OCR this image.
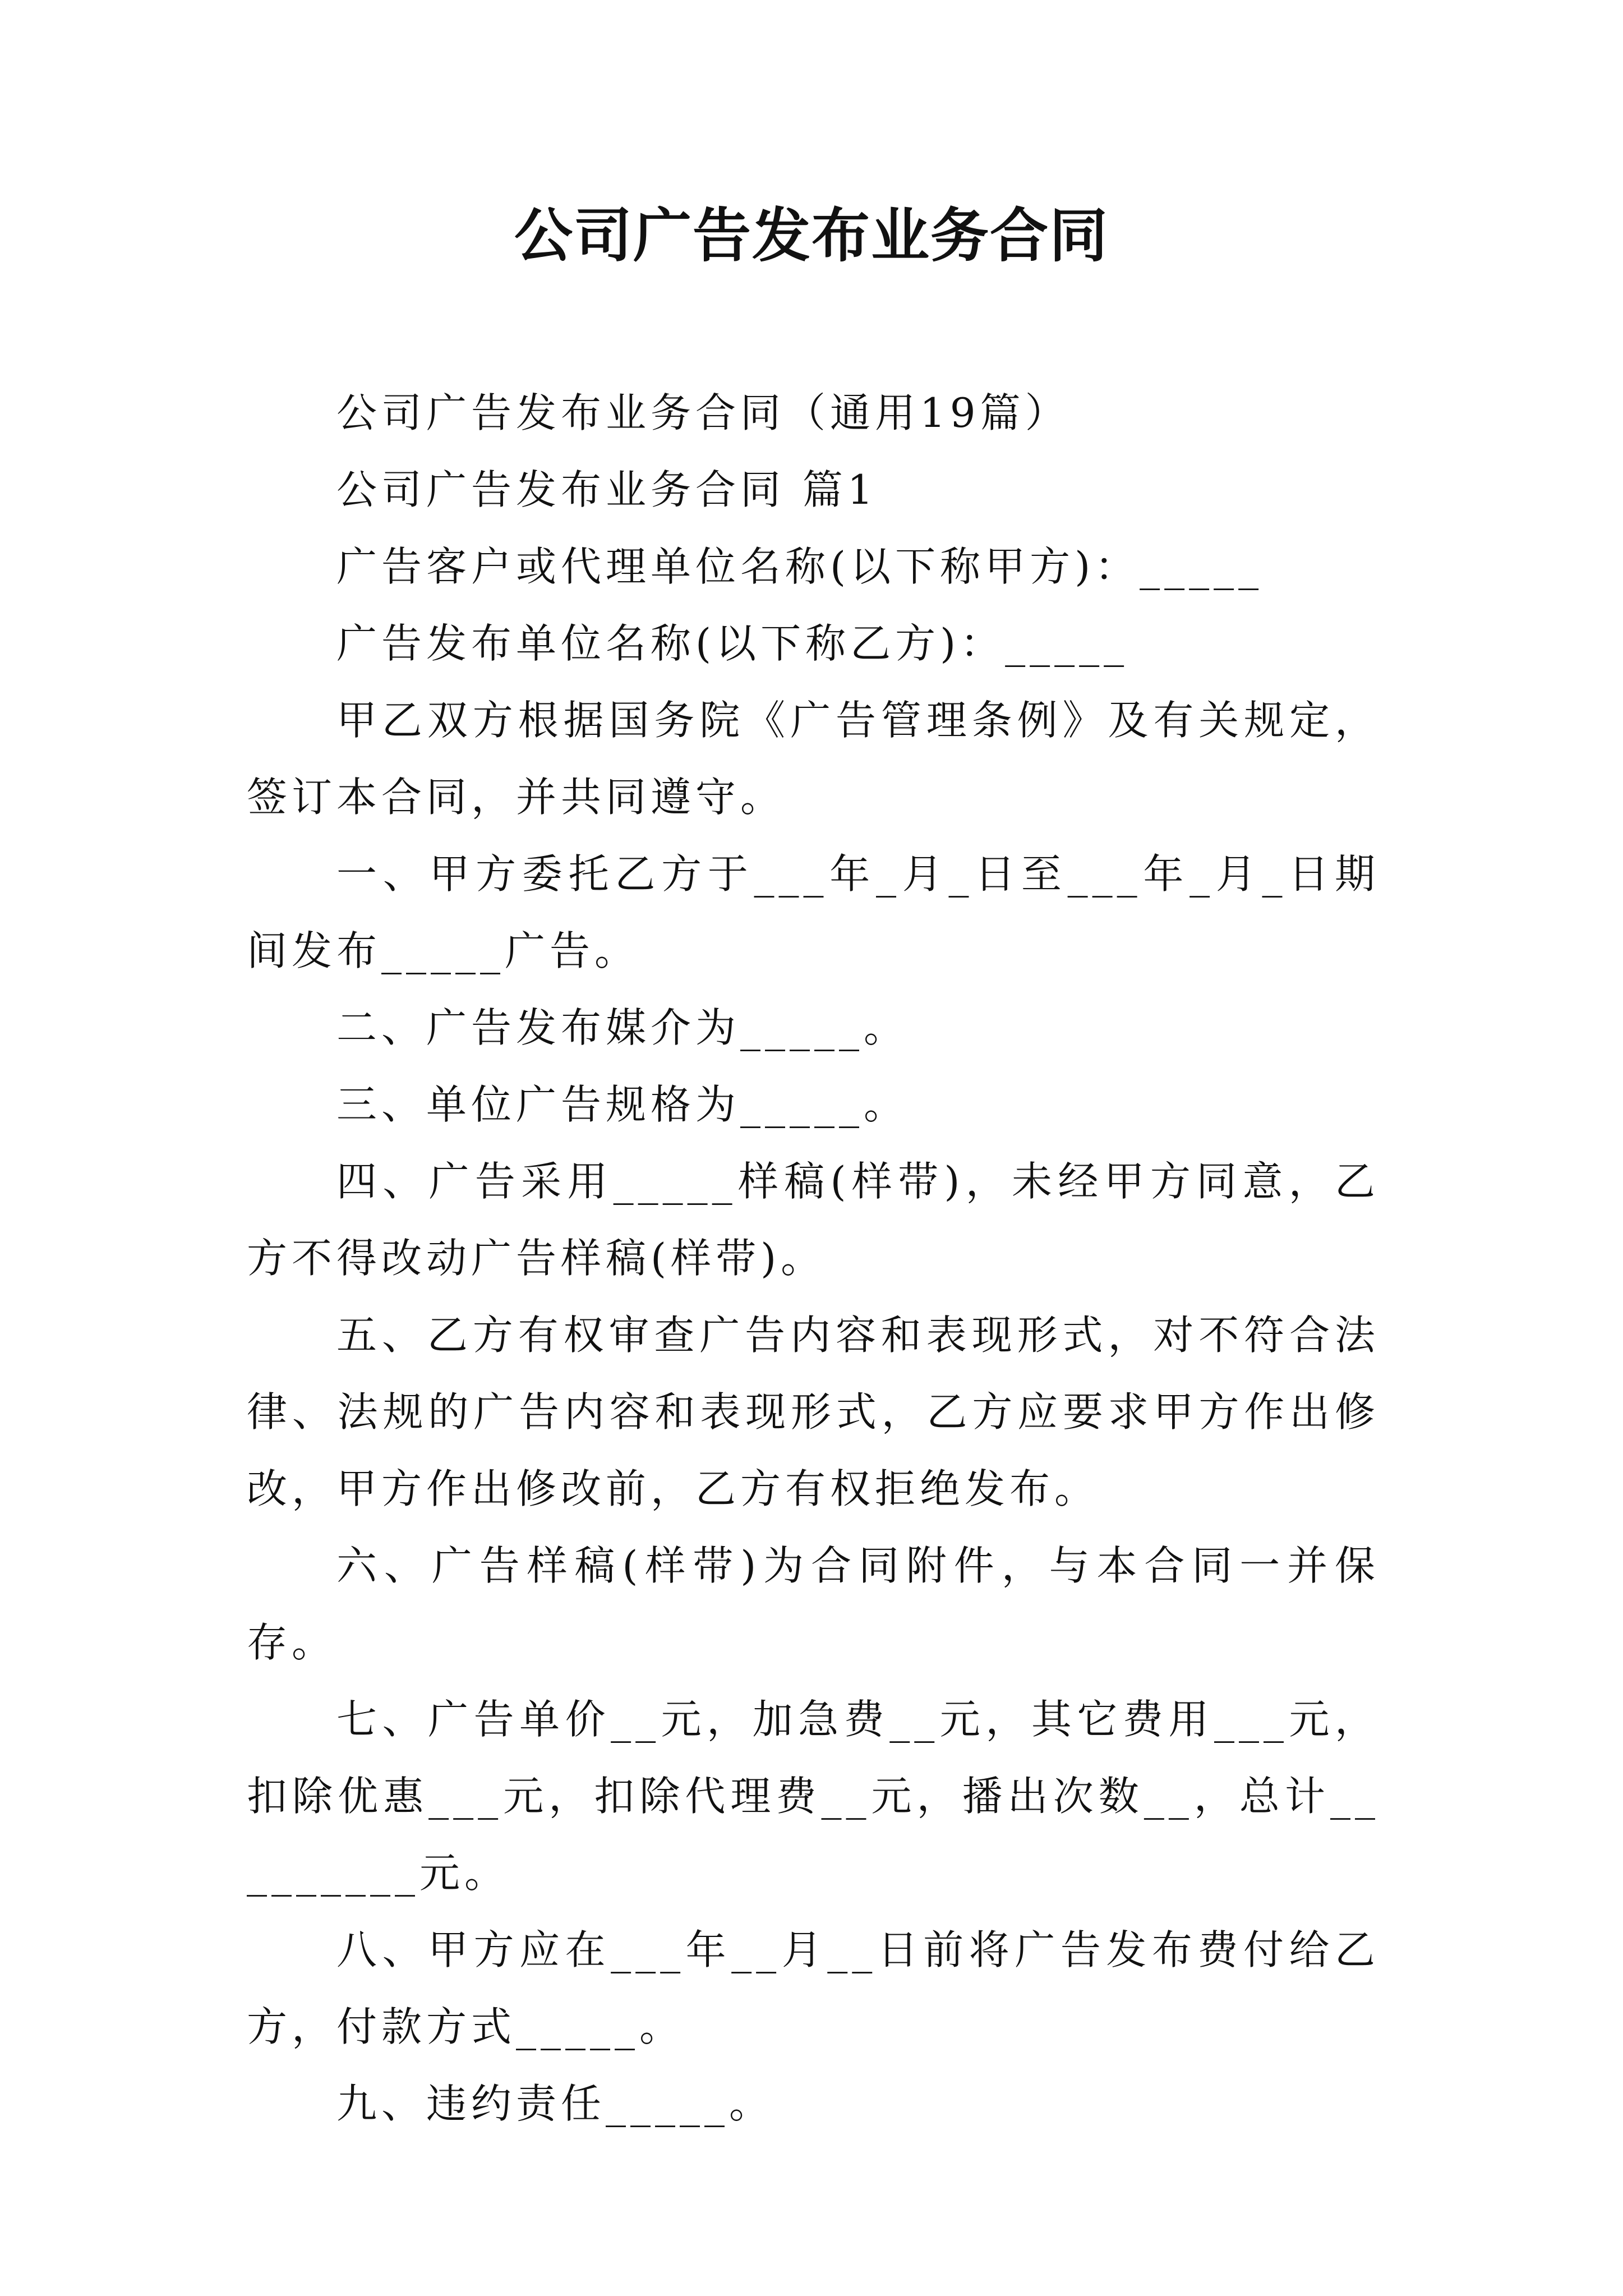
公司广告发布业务合同

公司广告发布业务合同（通用19篇）

公司广告发布业务合同 篇1

广告客户或代理单位名称(以下称甲方)：_____

广告发布单位名称(以下称乙方)：_____

甲乙双方根据国务院《广告管理条例》及有关规定，签订本合同，并共同遵守。

一、甲方委托乙方于___年_月_日至___年_月_日期间发布_____广告。

二、广告发布媒介为_____。

三、单位广告规格为_____。

四、广告采用_____样稿(样带)，未经甲方同意，乙方不得改动广告样稿(样带)。

五、乙方有权审查广告内容和表现形式，对不符合法律、法规的广告内容和表现形式，乙方应要求甲方作出修改，甲方作出修改前，乙方有权拒绝发布。

六、广告样稿(样带)为合同附件，与本合同一并保存。

七、广告单价__元，加急费__元，其它费用___元，扣除优惠___元，扣除代理费__元，播出次数__，总计_________元。

八、甲方应在___年__月__日前将广告发布费付给乙方，付款方式_____。

九、违约责任_____。
